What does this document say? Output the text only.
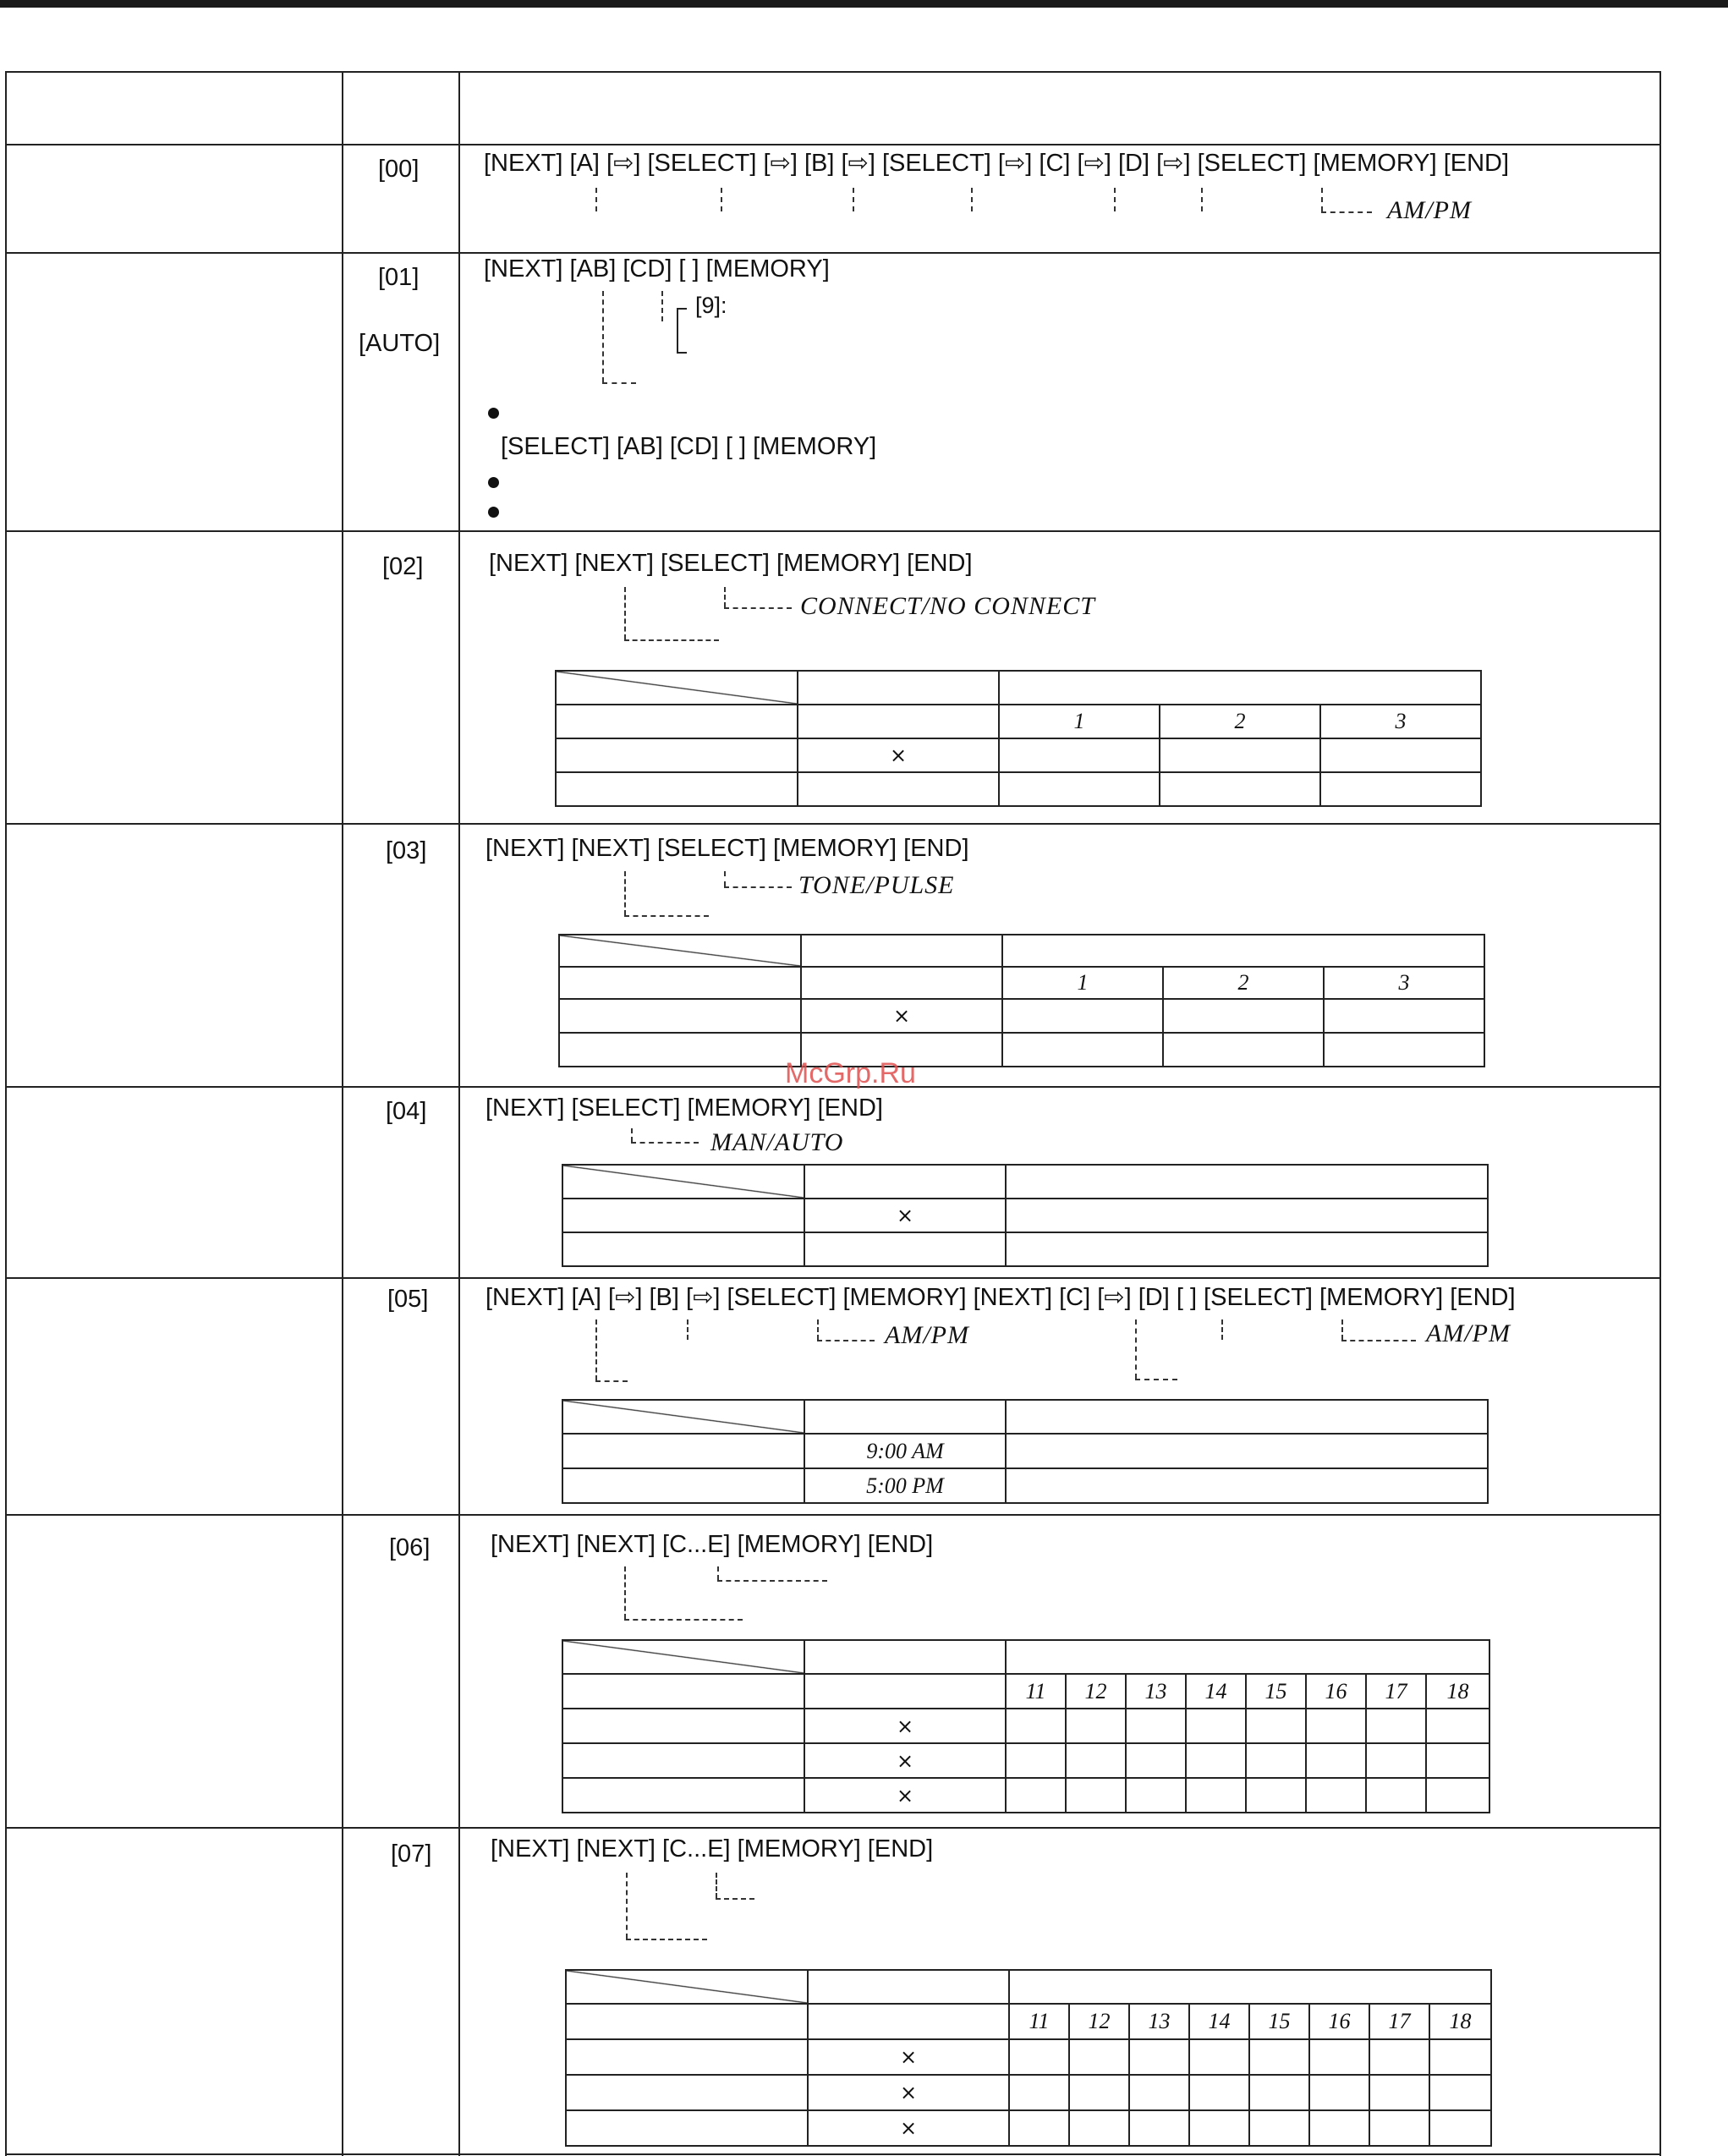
[00]	[NEXT] [A] [⇨] [SELECT] [⇨] [B] [⇨] [SELECT] [⇨] [C] [⇨] [D] [⇨] [SELECT] [MEMORY] [END]
AM/PM
[01]
[AUTO]
[NEXT] [AB] [CD] [ ] [MEMORY]
[9]:
[SELECT] [AB] [CD] [ ] [MEMORY]
[02]	[NEXT] [NEXT] [SELECT] [MEMORY] [END]
CONNECT/NO CONNECT

		1	2	3
	×			

[03] [NEXT] [NEXT] [SELECT] [MEMORY] [END]
TONE/PULSE

		1	2	3
	×			

[04] [NEXT] [SELECT] [MEMORY] [END]
MAN/AUTO

	×	

[05] [NEXT] [A] [⇨] [B] [⇨] [SELECT] [MEMORY] [NEXT] [C] [⇨] [D] [ ] [SELECT] [MEMORY] [END]
AM/PM	AM/PM

	9:00 AM	
	5:00 PM	
[06] [NEXT] [NEXT] [C...E] [MEMORY] [END]

		11	12	13	14	15	16	17	18
	×								
	×								
	×								
[07] [NEXT] [NEXT] [C...E] [MEMORY] [END]

		11	12	13	14	15	16	17	18
	×								
	×								
	×								
McGrp.Ru
